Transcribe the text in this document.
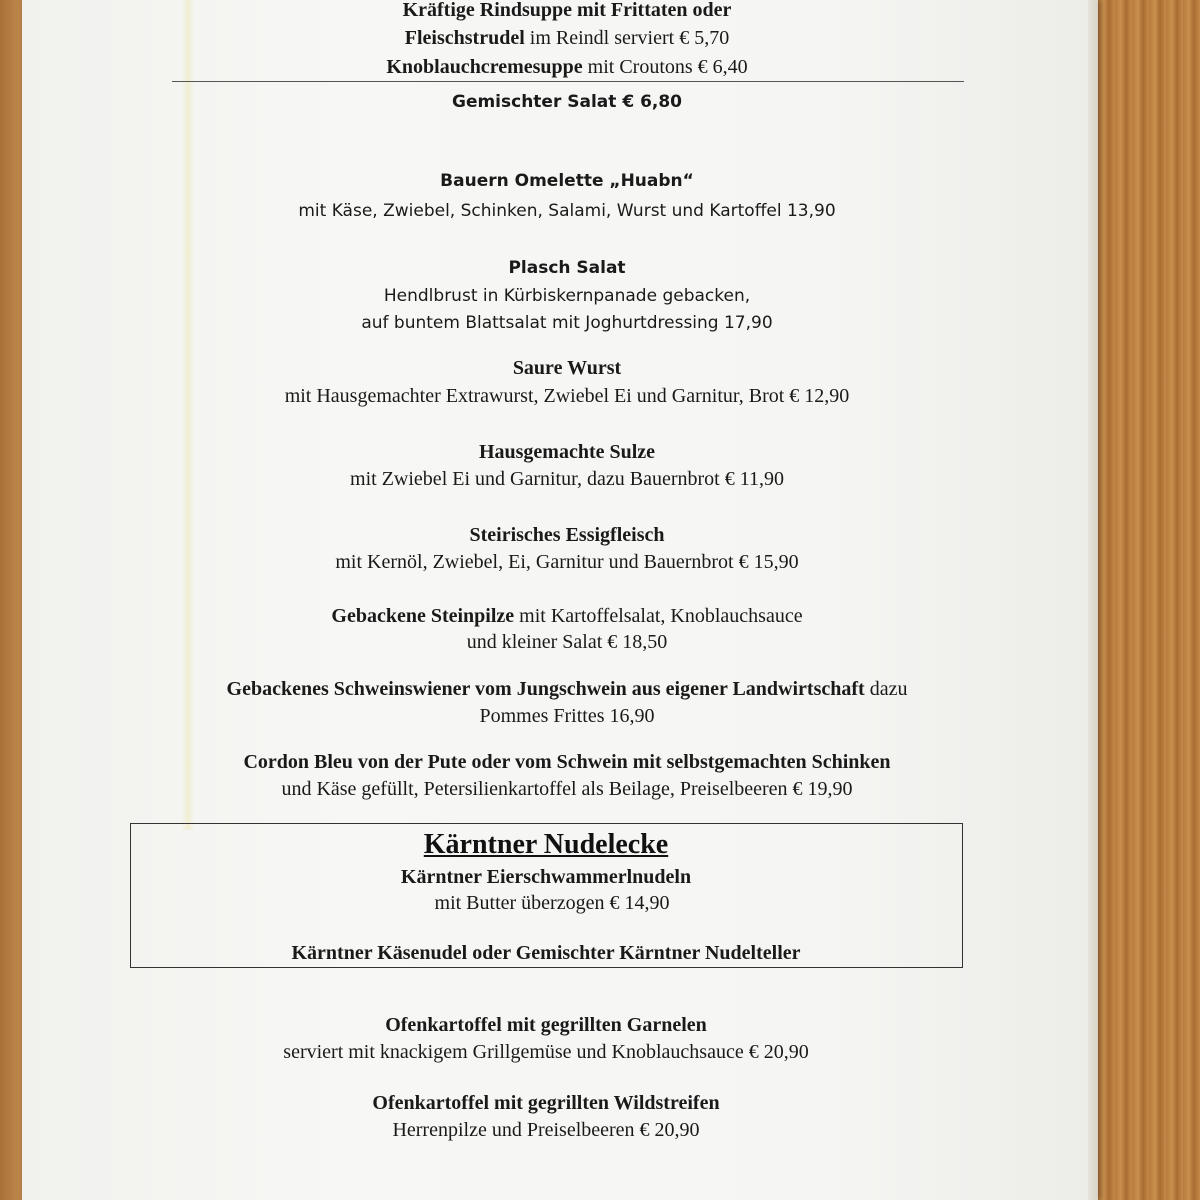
Kräftige Rindsuppe mit Frittaten oder
Fleischstrudel im Reindl serviert € 5,70
Knoblauchcremesuppe mit Croutons € 6,40
Gemischter Salat € 6,80
Bauern Omelette „Huabn“
mit Käse, Zwiebel, Schinken, Salami, Wurst und Kartoffel 13,90
Plasch Salat
Hendlbrust in Kürbiskernpanade gebacken,
auf buntem Blattsalat mit Joghurtdressing 17,90
Saure Wurst
mit Hausgemachter Extrawurst, Zwiebel Ei und Garnitur, Brot € 12,90
Hausgemachte Sulze
mit Zwiebel Ei und Garnitur, dazu Bauernbrot € 11,90
Steirisches Essigfleisch
mit Kernöl, Zwiebel, Ei, Garnitur und Bauernbrot € 15,90
Gebackene Steinpilze mit Kartoffelsalat, Knoblauchsauce
und kleiner Salat € 18,50
Gebackenes Schweinswiener vom Jungschwein aus eigener Landwirtschaft dazu
Pommes Frittes 16,90
Cordon Bleu von der Pute oder vom Schwein mit selbstgemachten Schinken
und Käse gefüllt, Petersilienkartoffel als Beilage, Preiselbeeren € 19,90
Kärntner Nudelecke
Kärntner Eierschwammerlnudeln
mit Butter überzogen € 14,90
Kärntner Käsenudel oder Gemischter Kärntner Nudelteller
Ofenkartoffel mit gegrillten Garnelen
serviert mit knackigem Grillgemüse und Knoblauchsauce € 20,90
Ofenkartoffel mit gegrillten Wildstreifen
Herrenpilze und Preiselbeeren € 20,90
